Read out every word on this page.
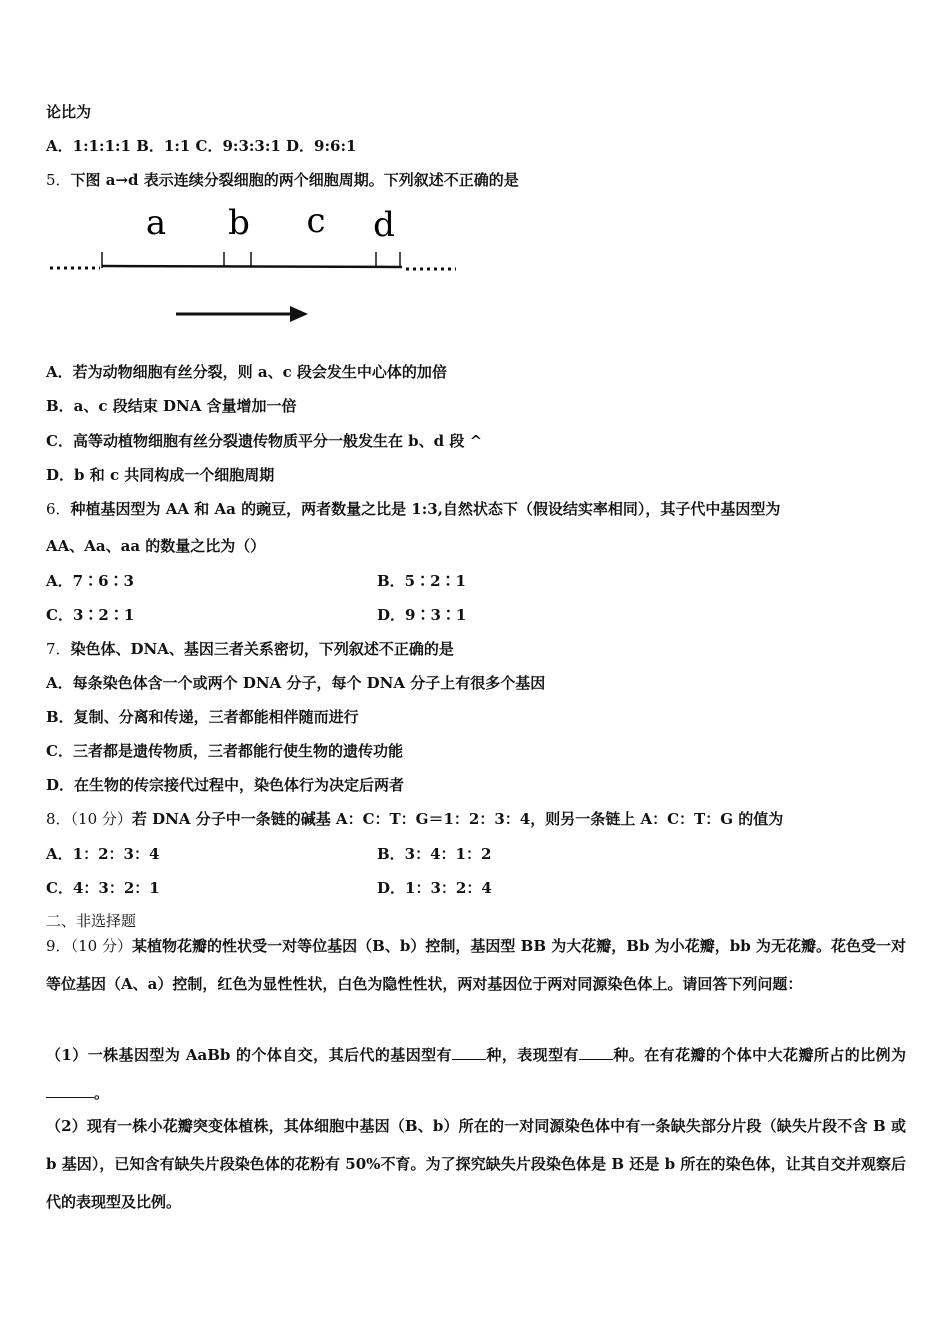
论比为
A．1:1:1:1 B．1:1 C．9:3:3:1 D．9:6:1
5．下图 a→d 表示连续分裂细胞的两个细胞周期。下列叙述不正确的是
a b c d
A．若为动物细胞有丝分裂，则 a、c 段会发生中心体的加倍
B．a、c 段结束 DNA 含量增加一倍
C．高等动植物细胞有丝分裂遗传物质平分一般发生在 b、d 段 ^
D．b 和 c 共同构成一个细胞周期
6．种植基因型为 AA 和 Aa 的豌豆，两者数量之比是 1:3,自然状态下（假设结实率相同），其子代中基因型为
AA、Aa、aa 的数量之比为（）
A．7∶6∶3	B．5∶2∶1
C．3∶2∶1	D．9∶3∶1
7．染色体、DNA、基因三者关系密切，下列叙述不正确的是
A．每条染色体含一个或两个 DNA 分子，每个 DNA 分子上有很多个基因
B．复制、分离和传递，三者都能相伴随而进行
C．三者都是遗传物质，三者都能行使生物的遗传功能
D．在生物的传宗接代过程中，染色体行为决定后两者
8．（10 分）若 DNA 分子中一条链的碱基 A：C：T：G＝1：2：3：4，则另一条链上 A：C：T：G 的值为
A．1：2：3：4	B．3：4：1：2
C．4：3：2：1	D．1：3：2：4
二、非选择题
9．（10 分）某植物花瓣的性状受一对等位基因（B、b）控制，基因型 BB 为大花瓣，Bb 为小花瓣，bb 为无花瓣。花色受一对等位基因（A、a）控制，红色为显性性状，白色为隐性性状，两对基因位于两对同源染色体上。请回答下列问题：
（1）一株基因型为 AaBb 的个体自交，其后代的基因型有 种，表现型有 种。在有花瓣的个体中大花瓣所占的比例为。
（2）现有一株小花瓣突变体植株，其体细胞中基因（B、b）所在的一对同源染色体中有一条缺失部分片段（缺失片段不含 B 或 b 基因），已知含有缺失片段染色体的花粉有 50%不育。为了探究缺失片段染色体是 B 还是 b 所在的染色体，让其自交并观察后代的表现型及比例。
